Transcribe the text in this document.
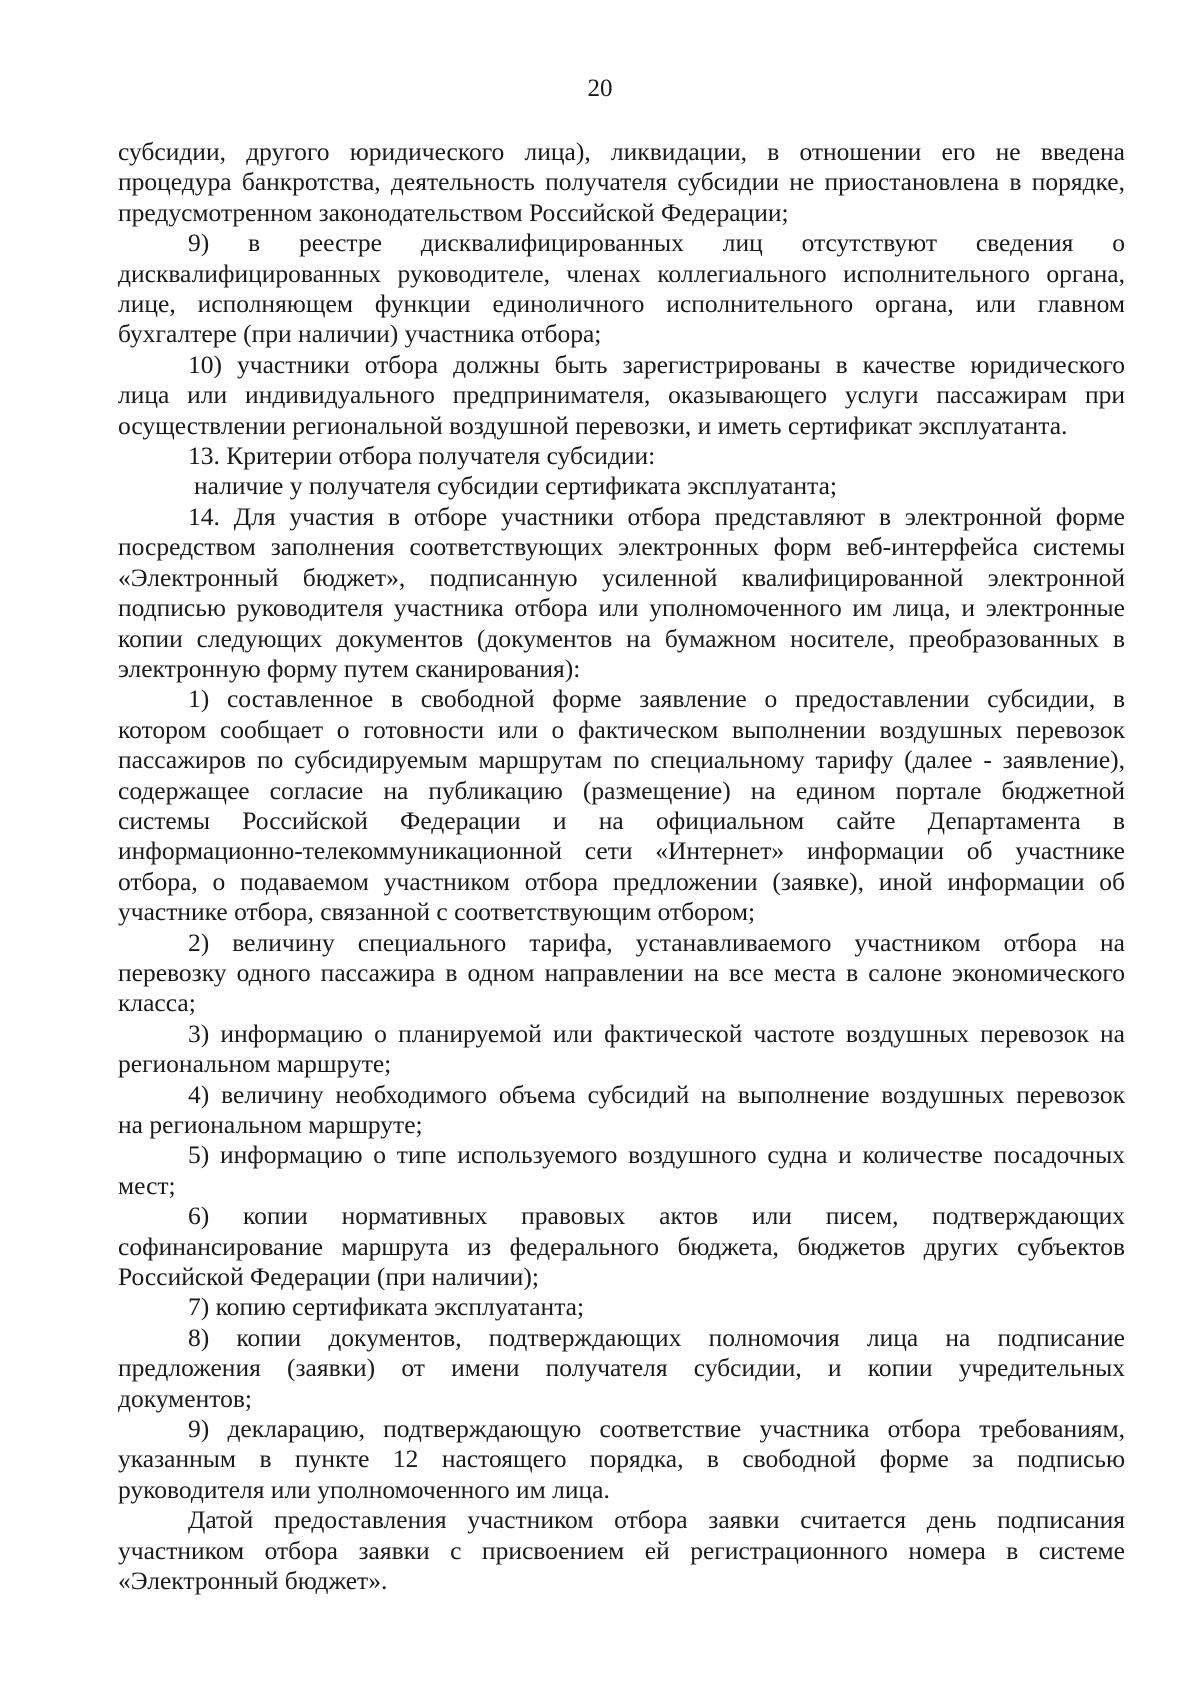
20
субсидии, другого юридического лица), ликвидации, в отношении его не введена
процедура банкротства, деятельность получателя субсидии не приостановлена в порядке,
предусмотренном законодательством Российской Федерации;
9) в реестре дисквалифицированных лиц отсутствуют сведения о
дисквалифицированных руководителе, членах коллегиального исполнительного органа,
лице, исполняющем функции единоличного исполнительного органа, или главном
бухгалтере (при наличии) участника отбора;
10) участники отбора должны быть зарегистрированы в качестве юридического
лица или индивидуального предпринимателя, оказывающего услуги пассажирам при
осуществлении региональной воздушной перевозки, и иметь сертификат эксплуатанта.
13. Критерии отбора получателя субсидии:
наличие у получателя субсидии сертификата эксплуатанта;
14. Для участия в отборе участники отбора представляют в электронной форме
посредством заполнения соответствующих электронных форм веб-интерфейса системы
«Электронный бюджет», подписанную усиленной квалифицированной электронной
подписью руководителя участника отбора или уполномоченного им лица, и электронные
копии следующих документов (документов на бумажном носителе, преобразованных в
электронную форму путем сканирования):
1) составленное в свободной форме заявление о предоставлении субсидии, в
котором сообщает о готовности или о фактическом выполнении воздушных перевозок
пассажиров по субсидируемым маршрутам по специальному тарифу (далее - заявление),
содержащее согласие на публикацию (размещение) на едином портале бюджетной
системы Российской Федерации и на официальном сайте Департамента в
информационно-телекоммуникационной сети «Интернет» информации об участнике
отбора, о подаваемом участником отбора предложении (заявке), иной информации об
участнике отбора, связанной с соответствующим отбором;
2) величину специального тарифа, устанавливаемого участником отбора на
перевозку одного пассажира в одном направлении на все места в салоне экономического
класса;
3) информацию о планируемой или фактической частоте воздушных перевозок на
региональном маршруте;
4) величину необходимого объема субсидий на выполнение воздушных перевозок
на региональном маршруте;
5) информацию о типе используемого воздушного судна и количестве посадочных
мест;
6) копии нормативных правовых актов или писем, подтверждающих
софинансирование маршрута из федерального бюджета, бюджетов других субъектов
Российской Федерации (при наличии);
7) копию сертификата эксплуатанта;
8) копии документов, подтверждающих полномочия лица на подписание
предложения (заявки) от имени получателя субсидии, и копии учредительных
документов;
9) декларацию, подтверждающую соответствие участника отбора требованиям,
указанным в пункте 12 настоящего порядка, в свободной форме за подписью
руководителя или уполномоченного им лица.
Датой предоставления участником отбора заявки считается день подписания
участником отбора заявки с присвоением ей регистрационного номера в системе
«Электронный бюджет».
